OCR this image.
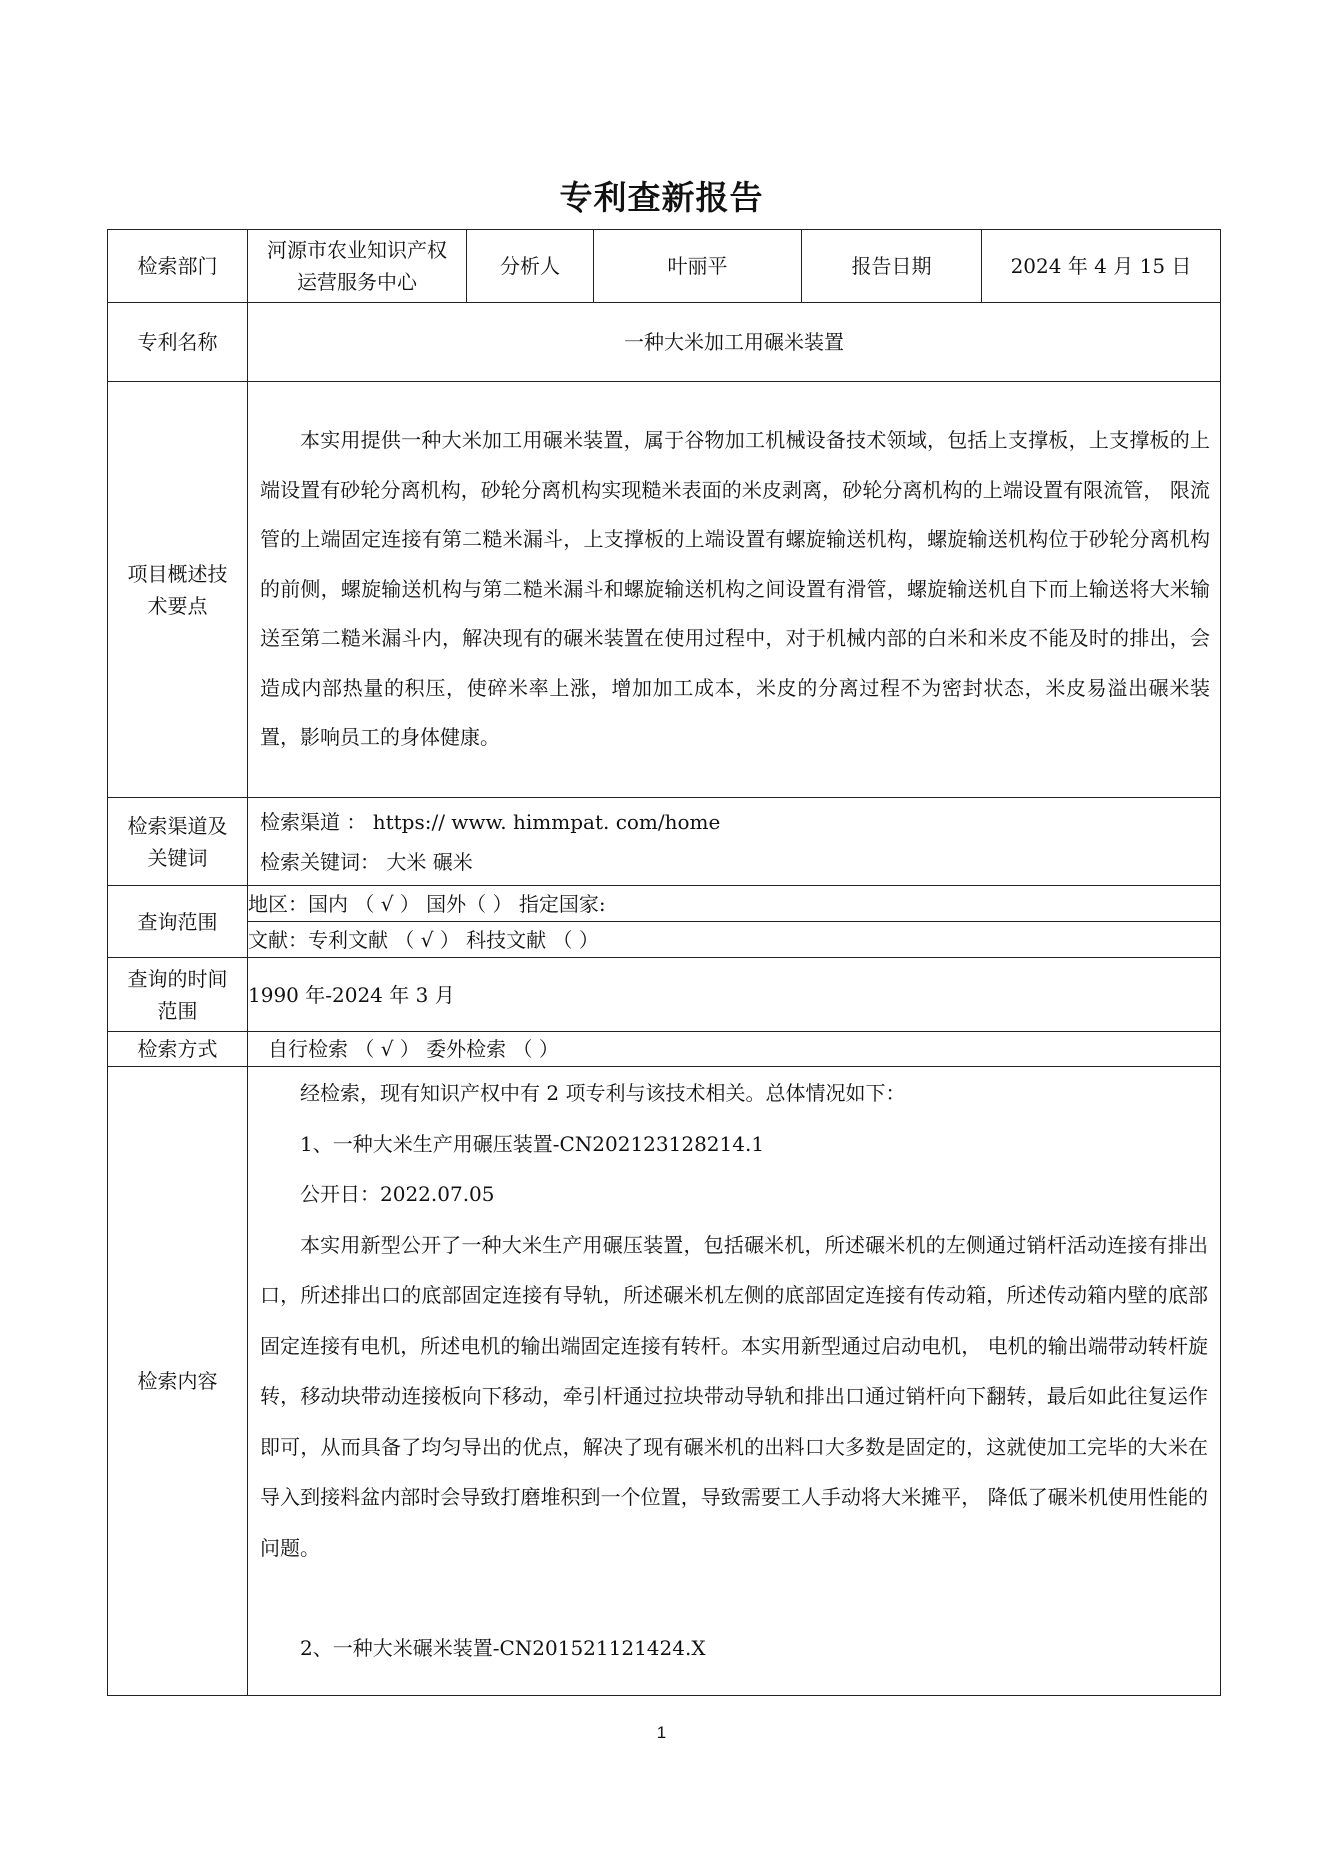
专利查新报告
检索部门	河源市农业知识产权运营服务中心	分析人	叶丽平	报告日期	2024 年 4 月 15 日
专利名称	一种大米加工用碾米装置				
项目概述技术要点	本实用提供一种大米加工用碾米装置，属于谷物加工机械设备技术领域，包括上支撑板，上支撑板的上端设置有砂轮分离机构，砂轮分离机构实现糙米表面的米皮剥离，砂轮分离机构的上端设置有限流管， 限流管的上端固定连接有第二糙米漏斗，上支撑板的上端设置有螺旋输送机构，螺旋输送机构位于砂轮分离机构的前侧，螺旋输送机构与第二糙米漏斗和螺旋输送机构之间设置有滑管，螺旋输送机自下而上输送将大米输送至第二糙米漏斗内，解决现有的碾米装置在使用过程中，对于机械内部的白米和米皮不能及时的排出，会造成内部热量的积压，使碎米率上涨，增加加工成本，米皮的分离过程不为密封状态，米皮易溢出碾米装置，影响员工的身体健康。				

检索渠道及关键词	检索渠道 ： https:// www. himmpat. com/home
检索关键词： 大米 碾米				

查询范围	地区：国内 （ √ ） 国外（ ） 指定国家:				
	文献：专利文献 （ √ ） 科技文献 （ ）				
查询的时间范围	1990 年-2024 年 3 月				
检索方式	自行检索 （ √ ） 委外检索 （ ）				
检索内容	经检索，现有知识产权中有 2 项专利与该技术相关。总体情况如下：

1、一种大米生产用碾压装置-CN202123128214.1

公开日：2022.07.05

本实用新型公开了一种大米生产用碾压装置，包括碾米机，所述碾米机的左侧通过销杆活动连接有排出口，所述排出口的底部固定连接有导轨，所述碾米机左侧的底部固定连接有传动箱，所述传动箱内壁的底部固定连接有电机，所述电机的输出端固定连接有转杆。本实用新型通过启动电机， 电机的输出端带动转杆旋转，移动块带动连接板向下移动，牵引杆通过拉块带动导轨和排出口通过销杆向下翻转，最后如此往复运作即可，从而具备了均匀导出的优点，解决了现有碾米机的出料口大多数是固定的，这就使加工完毕的大米在导入到接料盆内部时会导致打磨堆积到一个位置，导致需要工人手动将大米摊平， 降低了碾米机使用性能的问题。

2、一种大米碾米装置-CN201521121424.X				

1
